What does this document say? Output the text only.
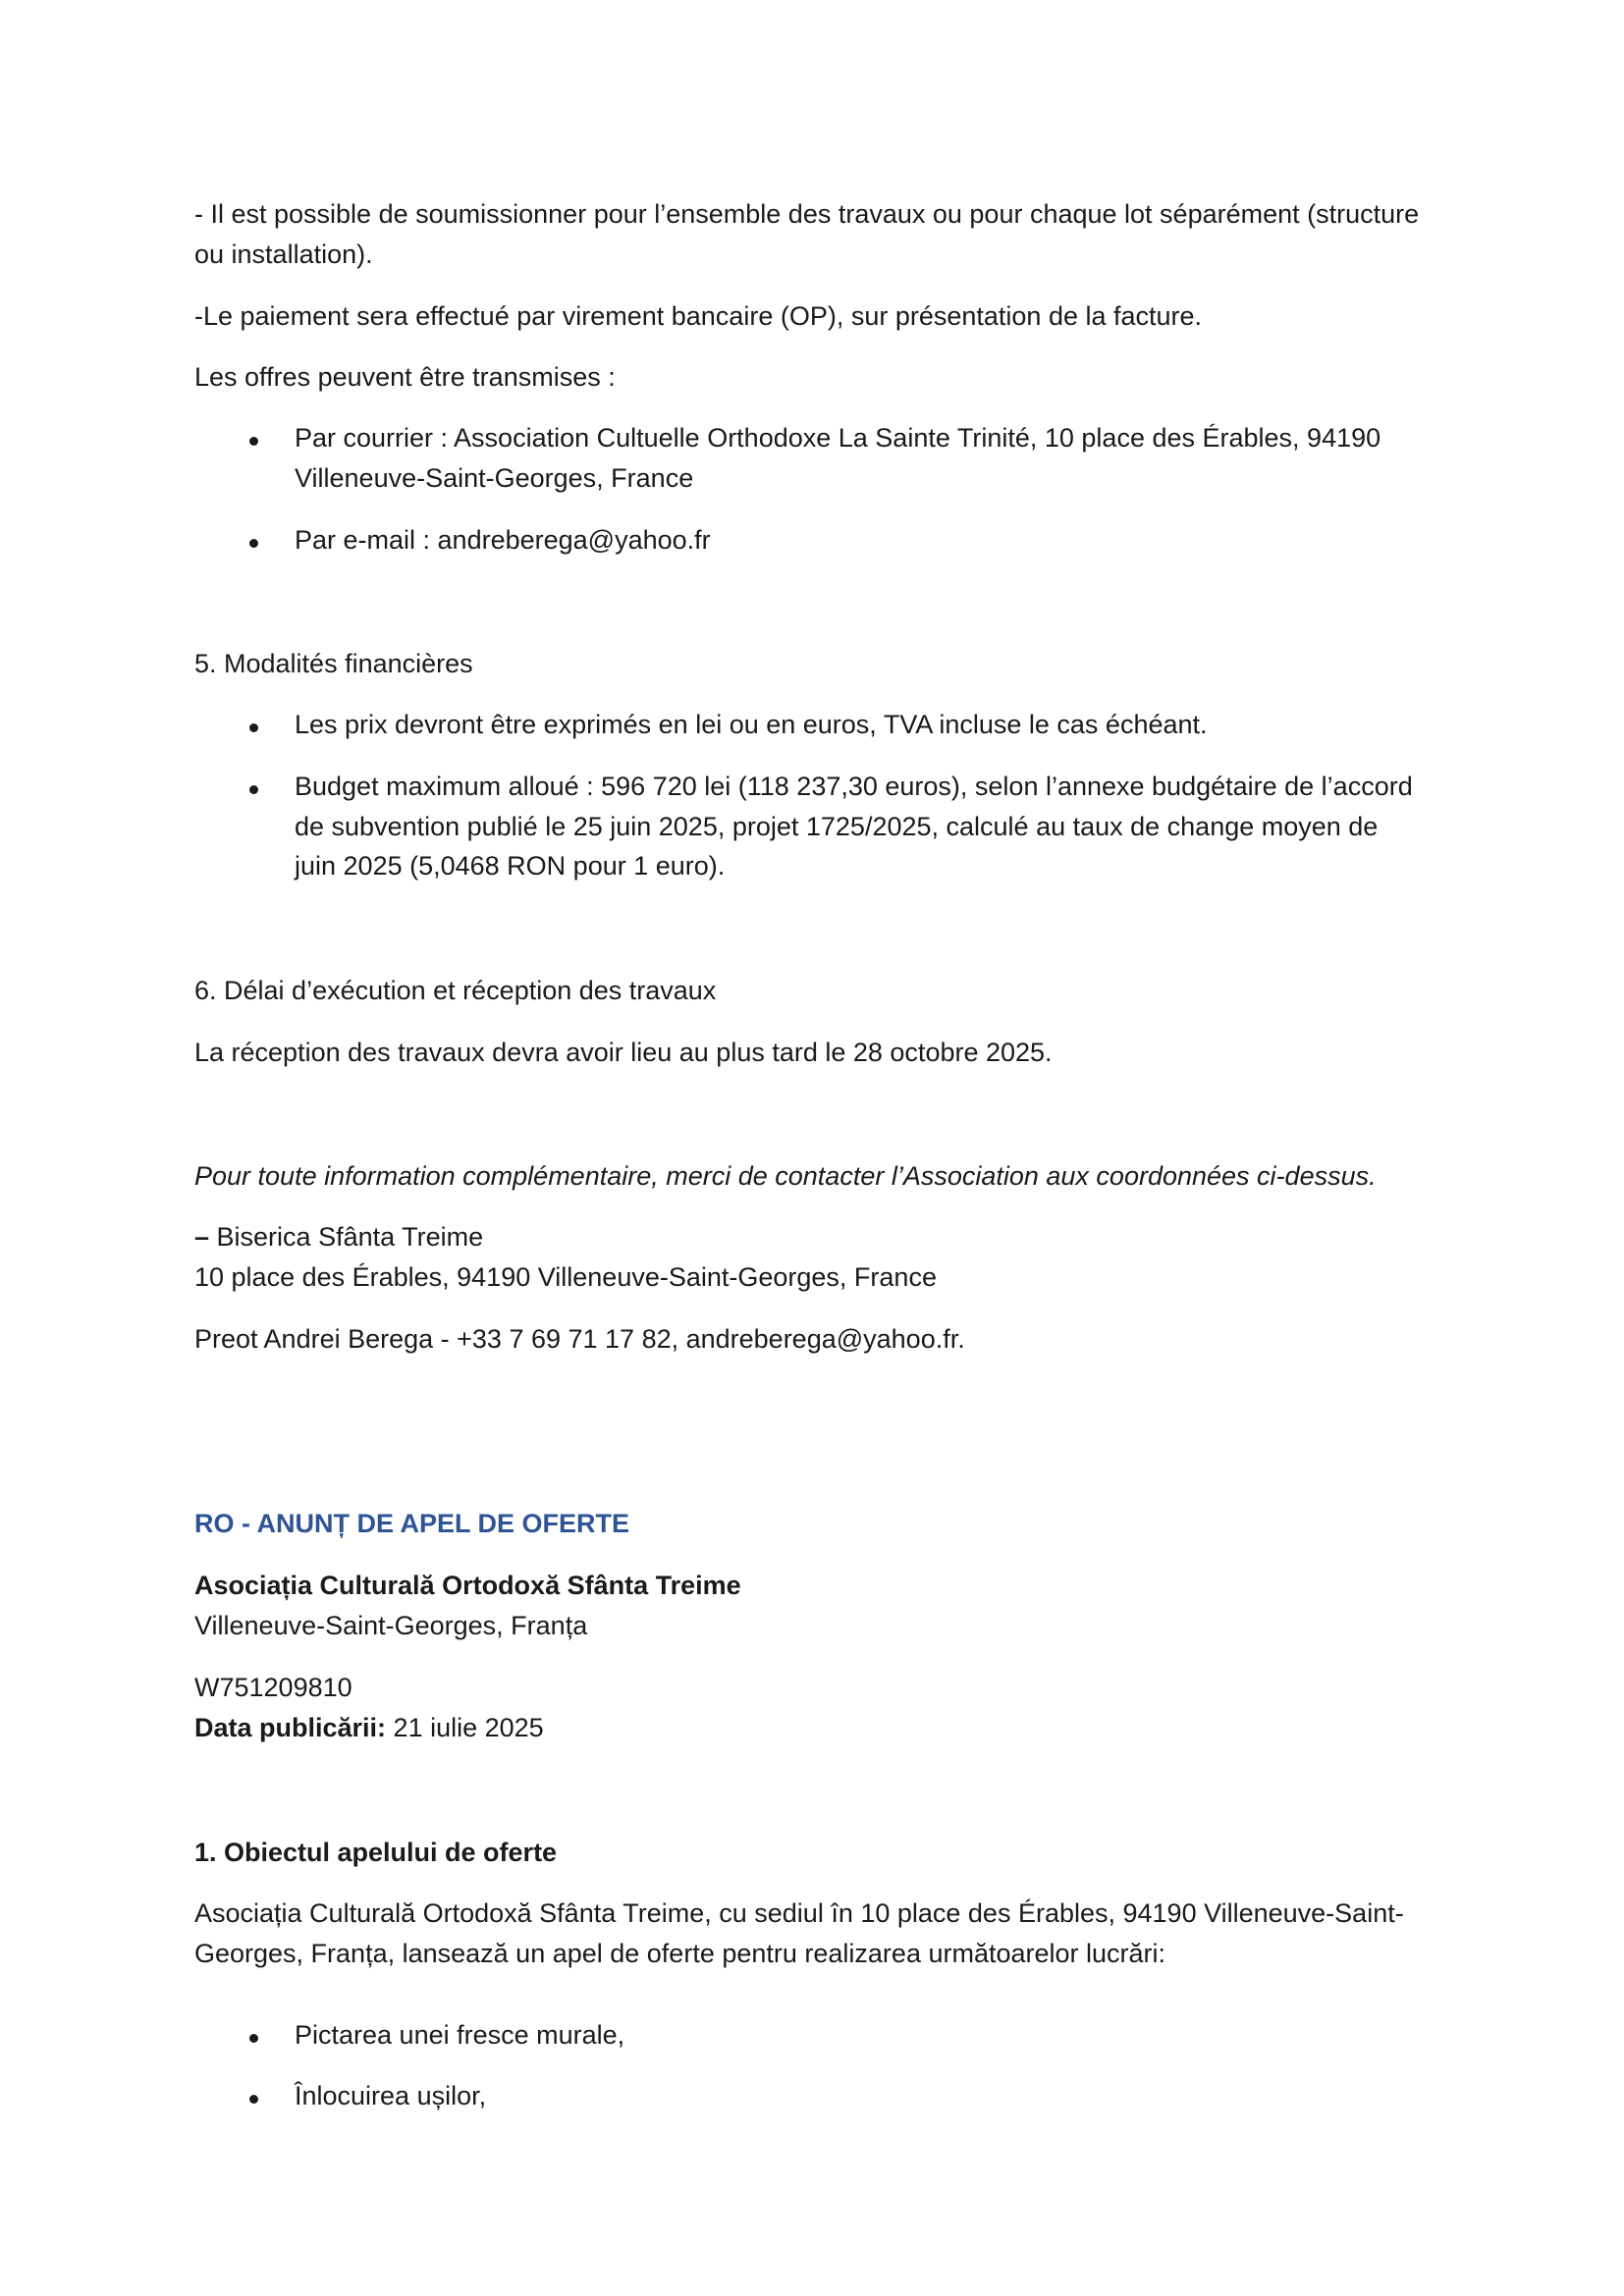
- Il est possible de soumissionner pour l’ensemble des travaux ou pour chaque lot séparément (structure ou installation).

-Le paiement sera effectué par virement bancaire (OP), sur présentation de la facture.

Les offres peuvent être transmises :

Par courrier : Association Cultuelle Orthodoxe La Sainte Trinité, 10 place des Érables, 94190 Villeneuve-Saint-Georges, France

Par e-mail : andreberega@yahoo.fr

5. Modalités financières

Les prix devront être exprimés en lei ou en euros, TVA incluse le cas échéant.

Budget maximum alloué : 596 720 lei (118 237,30 euros), selon l’annexe budgétaire de l’accord de subvention publié le 25 juin 2025, projet 1725/2025, calculé au taux de change moyen de juin 2025 (5,0468 RON pour 1 euro).

6. Délai d’exécution et réception des travaux

La réception des travaux devra avoir lieu au plus tard le 28 octobre 2025.

Pour toute information complémentaire, merci de contacter l’Association aux coordonnées ci-dessus.

– Biserica Sfânta Treime
10 place des Érables, 94190 Villeneuve-Saint-Georges, France

Preot Andrei Berega - +33 7 69 71 17 82, andreberega@yahoo.fr.

RO - ANUNȚ DE APEL DE OFERTE

Asociația Culturală Ortodoxă Sfânta Treime
Villeneuve-Saint-Georges, Franța

W751209810
Data publicării: 21 iulie 2025

1. Obiectul apelului de oferte

Asociația Culturală Ortodoxă Sfânta Treime, cu sediul în 10 place des Érables, 94190 Villeneuve-Saint-Georges, Franța, lansează un apel de oferte pentru realizarea următoarelor lucrări:

Pictarea unei fresce murale,

Înlocuirea ușilor,
